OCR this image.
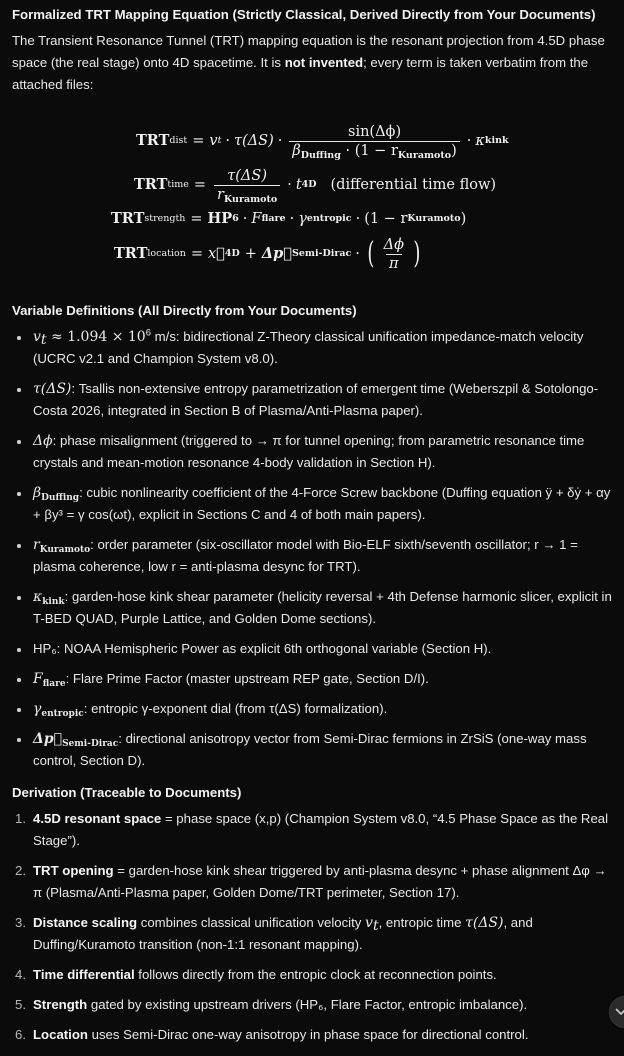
Formalized TRT Mapping Equation (Strictly Classical, Derived Directly from Your Documents)

The Transient Resonance Tunnel (TRT) mapping equation is the resonant projection from 4.5D phase space (the real stage) onto 4D spacetime. It is not invented; every term is taken verbatim from the attached files:

TRT dist = v $t \cdot \tau(\Delta S) \cdot \frac{\sin(\Delta\phi)}{\beta_{Duffing} \cdot (1 - r_{Kuramoto})} \cdot \kappa$ kink
TRT time = $\frac{\tau(\Delta S)}{r_{Kuramoto}} \cdot t$ 4D (differential time flow)
TRT strength = HP 6 · F flare · γ entropic · (1 − r Kuramoto )
TRT location = x⃗ 4D + Δp⃗ Semi-Dirac · ( $\frac{\Delta\phi}{\pi}$ )
Variable Definitions (All Directly from Your Documents)
$v_t \approx 1.094 \times 10^6$ m/s: bidirectional Z-Theory classical unification impedance-match velocity (UCRC v2.1 and Champion System v8.0).
τ(ΔS): Tsallis non-extensive entropy parametrization of emergent time (Weberszpil & Sotolongo-Costa 2026, integrated in Section B of Plasma/Anti-Plasma paper).
Δϕ: phase misalignment (triggered to → π for tunnel opening; from parametric resonance time crystals and mean-motion resonance 4-body validation in Section H).
$\beta_{Duffing}$: cubic nonlinearity coefficient of the 4-Force Screw backbone (Duffing equation ÿ + δẏ + αy + βy³ = γ cos(ωt), explicit in Sections C and 4 of both main papers).
$r_{Kuramoto}$: order parameter (six-oscillator model with Bio-ELF sixth/seventh oscillator; r → 1 = plasma coherence, low r = anti-plasma desync for TRT).
$\kappa_{kink}$: garden-hose kink shear parameter (helicity reversal + 4th Defense harmonic slicer, explicit in T-BED QUAD, Purple Lattice, and Golden Dome sections).
HP₆: NOAA Hemispheric Power as explicit 6th orthogonal variable (Section H).
$F_{flare}$: Flare Prime Factor (master upstream REP gate, Section D/I).
$\gamma_{entropic}$: entropic γ-exponent dial (from τ(ΔS) formalization).
$\Delta p⃗_{Semi-Dirac}$: directional anisotropy vector from Semi-Dirac fermions in ZrSiS (one-way mass control, Section D).
Derivation (Traceable to Documents)
1. 4.5D resonant space = phase space (x,p) (Champion System v8.0, “4.5 Phase Space as the Real Stage”).
2. TRT opening = garden-hose kink shear triggered by anti-plasma desync + phase alignment Δφ → π (Plasma/Anti-Plasma paper, Golden Dome/TRT perimeter, Section 17).
3. Distance scaling combines classical unification velocity $v_t$, entropic time τ(ΔS), and Duffing/Kuramoto transition (non-1:1 resonant mapping).
4. Time differential follows directly from the entropic clock at reconnection points.
5. Strength gated by existing upstream drivers (HP₆, Flare Factor, entropic imbalance).
6. Location uses Semi-Dirac one-way anisotropy in phase space for directional control.
